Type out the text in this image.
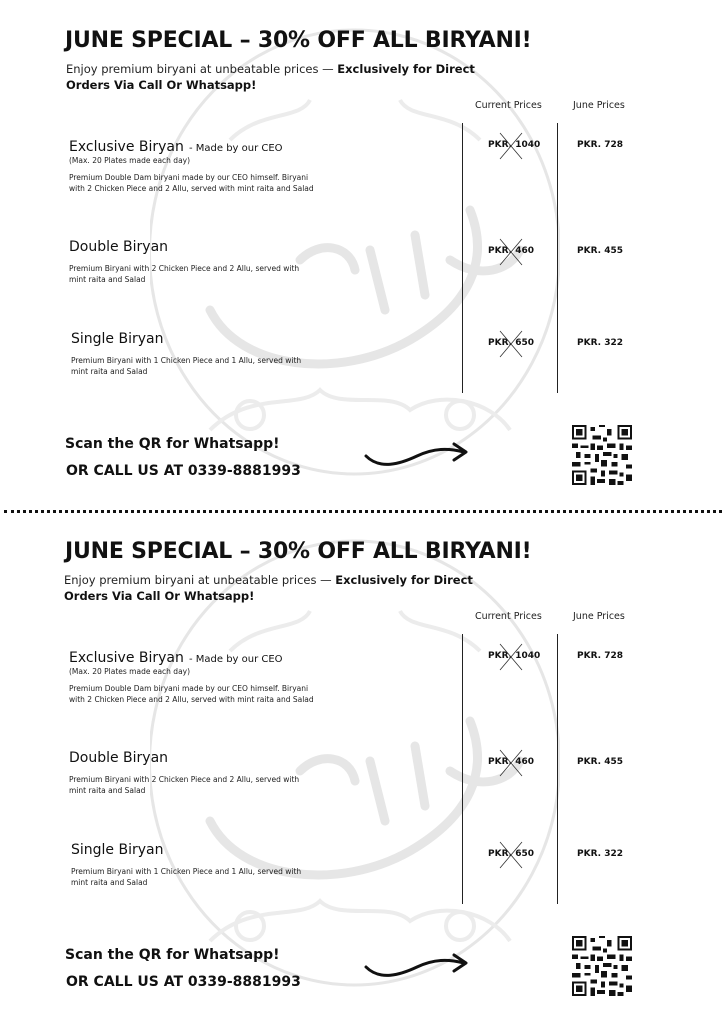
JUNE SPECIAL – 30% OFF ALL BIRYANI!
Enjoy premium biryani at unbeatable prices — Exclusively for Direct Orders Via Call Or Whatsapp!
Current Prices	June Prices
Exclusive Biryan - Made by our CEO
(Max. 20 Plates made each day)
Premium Double Dam biryani made by our CEO himself. Biryani with 2 Chicken Piece and 2 Allu, served with mint raita and Salad
PKR. 1040	PKR. 728
Double Biryan
Premium Biryani with 2 Chicken Piece and 2 Allu, served with mint raita and Salad
PKR. 460	PKR. 455
Single Biryan
Premium Biryani with 1 Chicken Piece and 1 Allu, served with mint raita and Salad
PKR. 650	PKR. 322
Scan the QR for Whatsapp!
OR CALL US AT 0339-8881993
JUNE SPECIAL – 30% OFF ALL BIRYANI!
Enjoy premium biryani at unbeatable prices — Exclusively for Direct Orders Via Call Or Whatsapp!
Current Prices	June Prices
Exclusive Biryan - Made by our CEO
(Max. 20 Plates made each day)
Premium Double Dam biryani made by our CEO himself. Biryani with 2 Chicken Piece and 2 Allu, served with mint raita and Salad
PKR. 1040	PKR. 728
Double Biryan
Premium Biryani with 2 Chicken Piece and 2 Allu, served with mint raita and Salad
PKR. 460	PKR. 455
Single Biryan
Premium Biryani with 1 Chicken Piece and 1 Allu, served with mint raita and Salad
PKR. 650	PKR. 322
Scan the QR for Whatsapp!
OR CALL US AT 0339-8881993
